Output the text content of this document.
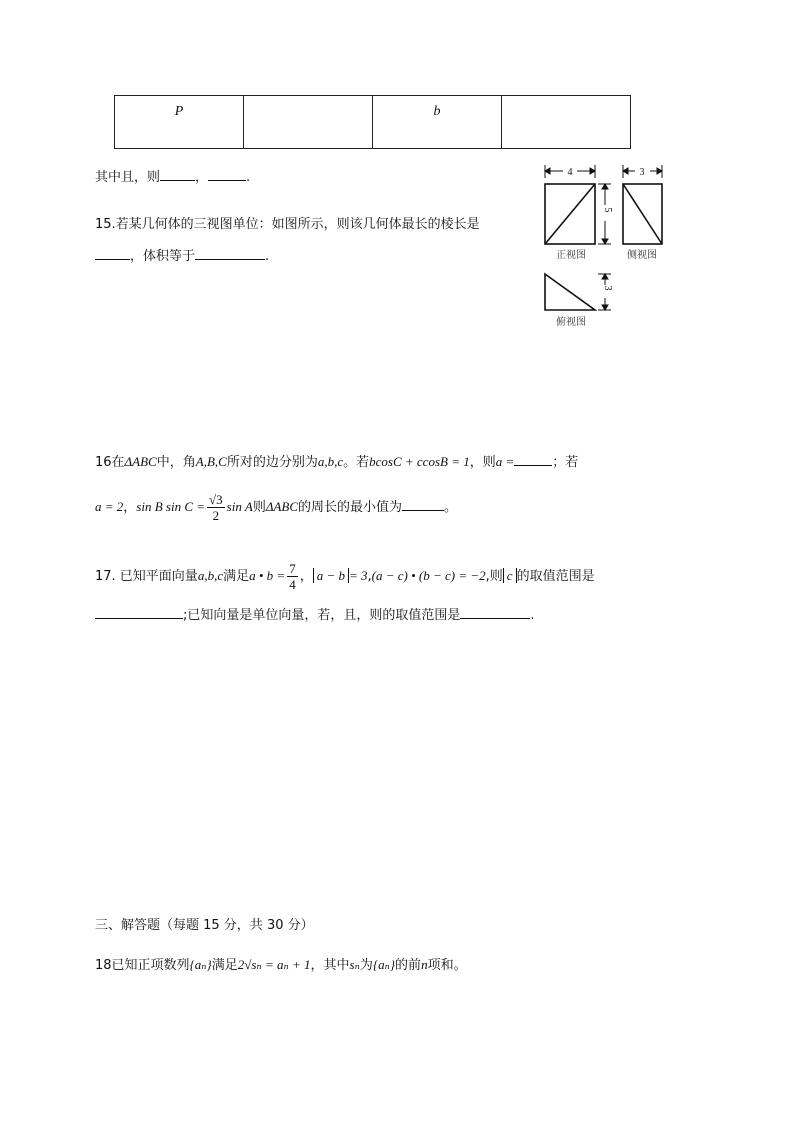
P		b	
其中且，则	，	.
15.若某几何体的三视图单位：如图所示，则该几何体最长的棱长是
，体积等于	.
4	3
5
3
正视图	侧视图
俯视图
16在ΔABC中，角A,B,C所对的边分别为a,b,c。若bcosC + ccosB = 1，则a =	；若
a = 2，sin B $\sin C = \frac{√3}{2}$ sin A则ΔABC的周长的最小值为	。
17. 已知平面向量a,b,c满足a • $b = \frac{7}{4}$ ， a − b = 3,(a − c) • (b − c) = −2,则 c 的取值范围是
;已知向量是单位向量，若，且，则的取值范围是	.
三、解答题（每题 15 分，共 30 分）
18已知正项数列{aₙ}满足2√sₙ = aₙ + 1，其中sₙ为{aₙ}的前n项和。
